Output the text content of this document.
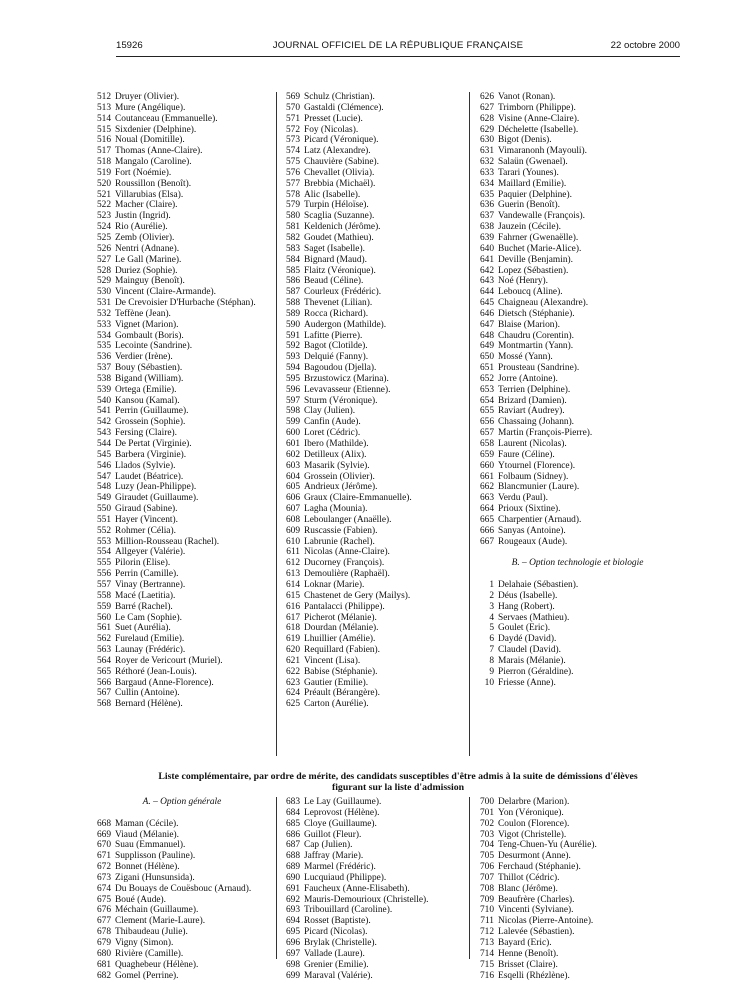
15926	JOURNAL OFFICIEL DE LA RÉPUBLIQUE FRANÇAISE	22 octobre 2000
512 Druyer (Olivier).
513 Mure (Angélique).
514 Coutanceau (Emmanuelle).
515 Sixdenier (Delphine).
516 Noual (Domitille).
517 Thomas (Anne-Claire).
518 Mangalo (Caroline).
519 Fort (Noémie).
520 Roussillon (Benoît).
521 Villarubias (Elsa).
522 Macher (Claire).
523 Justin (Ingrid).
524 Rio (Aurélie).
525 Zemb (Olivier).
526 Nentri (Adnane).
527 Le Gall (Marine).
528 Duriez (Sophie).
529 Mainguy (Benoît).
530 Vincent (Claire-Armande).
531 De Crevoisier D'Hurbache (Stéphan).
532 Teffène (Jean).
533 Vignet (Marion).
534 Gombault (Boris).
535 Lecointe (Sandrine).
536 Verdier (Irène).
537 Bouy (Sébastien).
538 Bigand (William).
539 Ortega (Emilie).
540 Kansou (Kamal).
541 Perrin (Guillaume).
542 Grossein (Sophie).
543 Fersing (Claire).
544 De Pertat (Virginie).
545 Barbera (Virginie).
546 Llados (Sylvie).
547 Laudet (Béatrice).
548 Luzy (Jean-Philippe).
549 Giraudet (Guillaume).
550 Giraud (Sabine).
551 Hayer (Vincent).
552 Rohmer (Célia).
553 Million-Rousseau (Rachel).
554 Allgeyer (Valérie).
555 Pilorin (Elise).
556 Perrin (Camille).
557 Vinay (Bertranne).
558 Macé (Laetitia).
559 Barré (Rachel).
560 Le Cam (Sophie).
561 Suet (Aurélia).
562 Furelaud (Emilie).
563 Launay (Frédéric).
564 Royer de Vericourt (Muriel).
565 Réthoré (Jean-Louis).
566 Bargaud (Anne-Florence).
567 Cullin (Antoine).
568 Bernard (Hélène).
569 Schulz (Christian).
570 Gastaldi (Clémence).
571 Presset (Lucie).
572 Foy (Nicolas).
573 Picard (Véronique).
574 Latz (Alexandre).
575 Chauvière (Sabine).
576 Chevallet (Olivia).
577 Brebbia (Michaël).
578 Alic (Isabelle).
579 Turpin (Héloïse).
580 Scaglia (Suzanne).
581 Keldenich (Jérôme).
582 Goudet (Mathieu).
583 Saget (Isabelle).
584 Bignard (Maud).
585 Flaitz (Véronique).
586 Beaud (Céline).
587 Courleux (Frédéric).
588 Thevenet (Lilian).
589 Rocca (Richard).
590 Audergon (Mathilde).
591 Lafitte (Pierre).
592 Bagot (Clotilde).
593 Delquié (Fanny).
594 Bagoudou (Djella).
595 Brzustowicz (Marina).
596 Levavasseur (Etienne).
597 Sturm (Véronique).
598 Clay (Julien).
599 Canfin (Aude).
600 Loret (Cédric).
601 Ibero (Mathilde).
602 Detilleux (Alix).
603 Masarik (Sylvie).
604 Grossein (Olivier).
605 Andrieux (Jérôme).
606 Graux (Claire-Emmanuelle).
607 Lagha (Mounia).
608 Leboulanger (Anaëlle).
609 Ruscassie (Fabien).
610 Labrunie (Rachel).
611 Nicolas (Anne-Claire).
612 Ducorney (François).
613 Demoulière (Raphaël).
614 Loknar (Marie).
615 Chastenet de Gery (Mailys).
616 Pantalacci (Philippe).
617 Picherot (Mélanie).
618 Dourdan (Mélanie).
619 Lhuillier (Amélie).
620 Requillard (Fabien).
621 Vincent (Lisa).
622 Babise (Stéphanie).
623 Gautier (Emilie).
624 Préault (Bérangère).
625 Carton (Aurélie).
626 Vanot (Ronan).
627 Trimborn (Philippe).
628 Visine (Anne-Claire).
629 Déchelette (Isabelle).
630 Bigot (Denis).
631 Vimaranonh (Mayouli).
632 Salaün (Gwenael).
633 Tarari (Younes).
634 Maillard (Emilie).
635 Paquier (Delphine).
636 Guerin (Benoît).
637 Vandewalle (François).
638 Jauzein (Cécile).
639 Fahrner (Gwenaëlle).
640 Buchet (Marie-Alice).
641 Deville (Benjamin).
642 Lopez (Sébastien).
643 Noé (Henry).
644 Leboucq (Aline).
645 Chaigneau (Alexandre).
646 Dietsch (Stéphanie).
647 Blaise (Marion).
648 Chaudru (Corentin).
649 Montmartin (Yann).
650 Mossé (Yann).
651 Prousteau (Sandrine).
652 Jorre (Antoine).
653 Terrien (Delphine).
654 Brizard (Damien).
655 Raviart (Audrey).
656 Chassaing (Johann).
657 Martin (François-Pierre).
658 Laurent (Nicolas).
659 Faure (Céline).
660 Ytournel (Florence).
661 Folbaum (Sidney).
662 Blancmunier (Laure).
663 Verdu (Paul).
664 Prioux (Sixtine).
665 Charpentier (Arnaud).
666 Sanyas (Antoine).
667 Rougeaux (Aude).
B. – Option technologie et biologie
1 Delahaie (Sébastien).
2 Déus (Isabelle).
3 Hang (Robert).
4 Servaes (Mathieu).
5 Goulet (Eric).
6 Daydé (David).
7 Claudel (David).
8 Marais (Mélanie).
9 Pierron (Géraldine).
10 Friesse (Anne).
Liste complémentaire, par ordre de mérite, des candidats susceptibles d'être admis à la suite de démissions d'élèves
figurant sur la liste d'admission
A. – Option générale
668 Maman (Cécile).
669 Viaud (Mélanie).
670 Suau (Emmanuel).
671 Supplisson (Pauline).
672 Bonnet (Hélène).
673 Zigani (Hunsunsida).
674 Du Bouays de Couësbouc (Arnaud).
675 Boué (Aude).
676 Méchain (Guillaume).
677 Clement (Marie-Laure).
678 Thibaudeau (Julie).
679 Vigny (Simon).
680 Rivière (Camille).
681 Quaghebeur (Hélène).
682 Gomel (Perrine).
683 Le Lay (Guillaume).
684 Leprovost (Hélène).
685 Cloye (Guillaume).
686 Guillot (Fleur).
687 Cap (Julien).
688 Jaffray (Marie).
689 Marmel (Frédéric).
690 Lucquiaud (Philippe).
691 Faucheux (Anne-Elisabeth).
692 Mauris-Demourioux (Christelle).
693 Tribouillard (Caroline).
694 Rosset (Baptiste).
695 Picard (Nicolas).
696 Brylak (Christelle).
697 Vallade (Laure).
698 Grenier (Emilie).
699 Maraval (Valérie).
700 Delarbre (Marion).
701 Yon (Véronique).
702 Coulon (Florence).
703 Vigot (Christelle).
704 Teng-Chuen-Yu (Aurélie).
705 Desurmont (Anne).
706 Ferchaud (Stéphanie).
707 Thillot (Cédric).
708 Blanc (Jérôme).
709 Beaufrère (Charles).
710 Vincenti (Sylviane).
711 Nicolas (Pierre-Antoine).
712 Lalevée (Sébastien).
713 Bayard (Eric).
714 Henne (Benoît).
715 Brisset (Claire).
716 Esqelli (Rhézlène).
